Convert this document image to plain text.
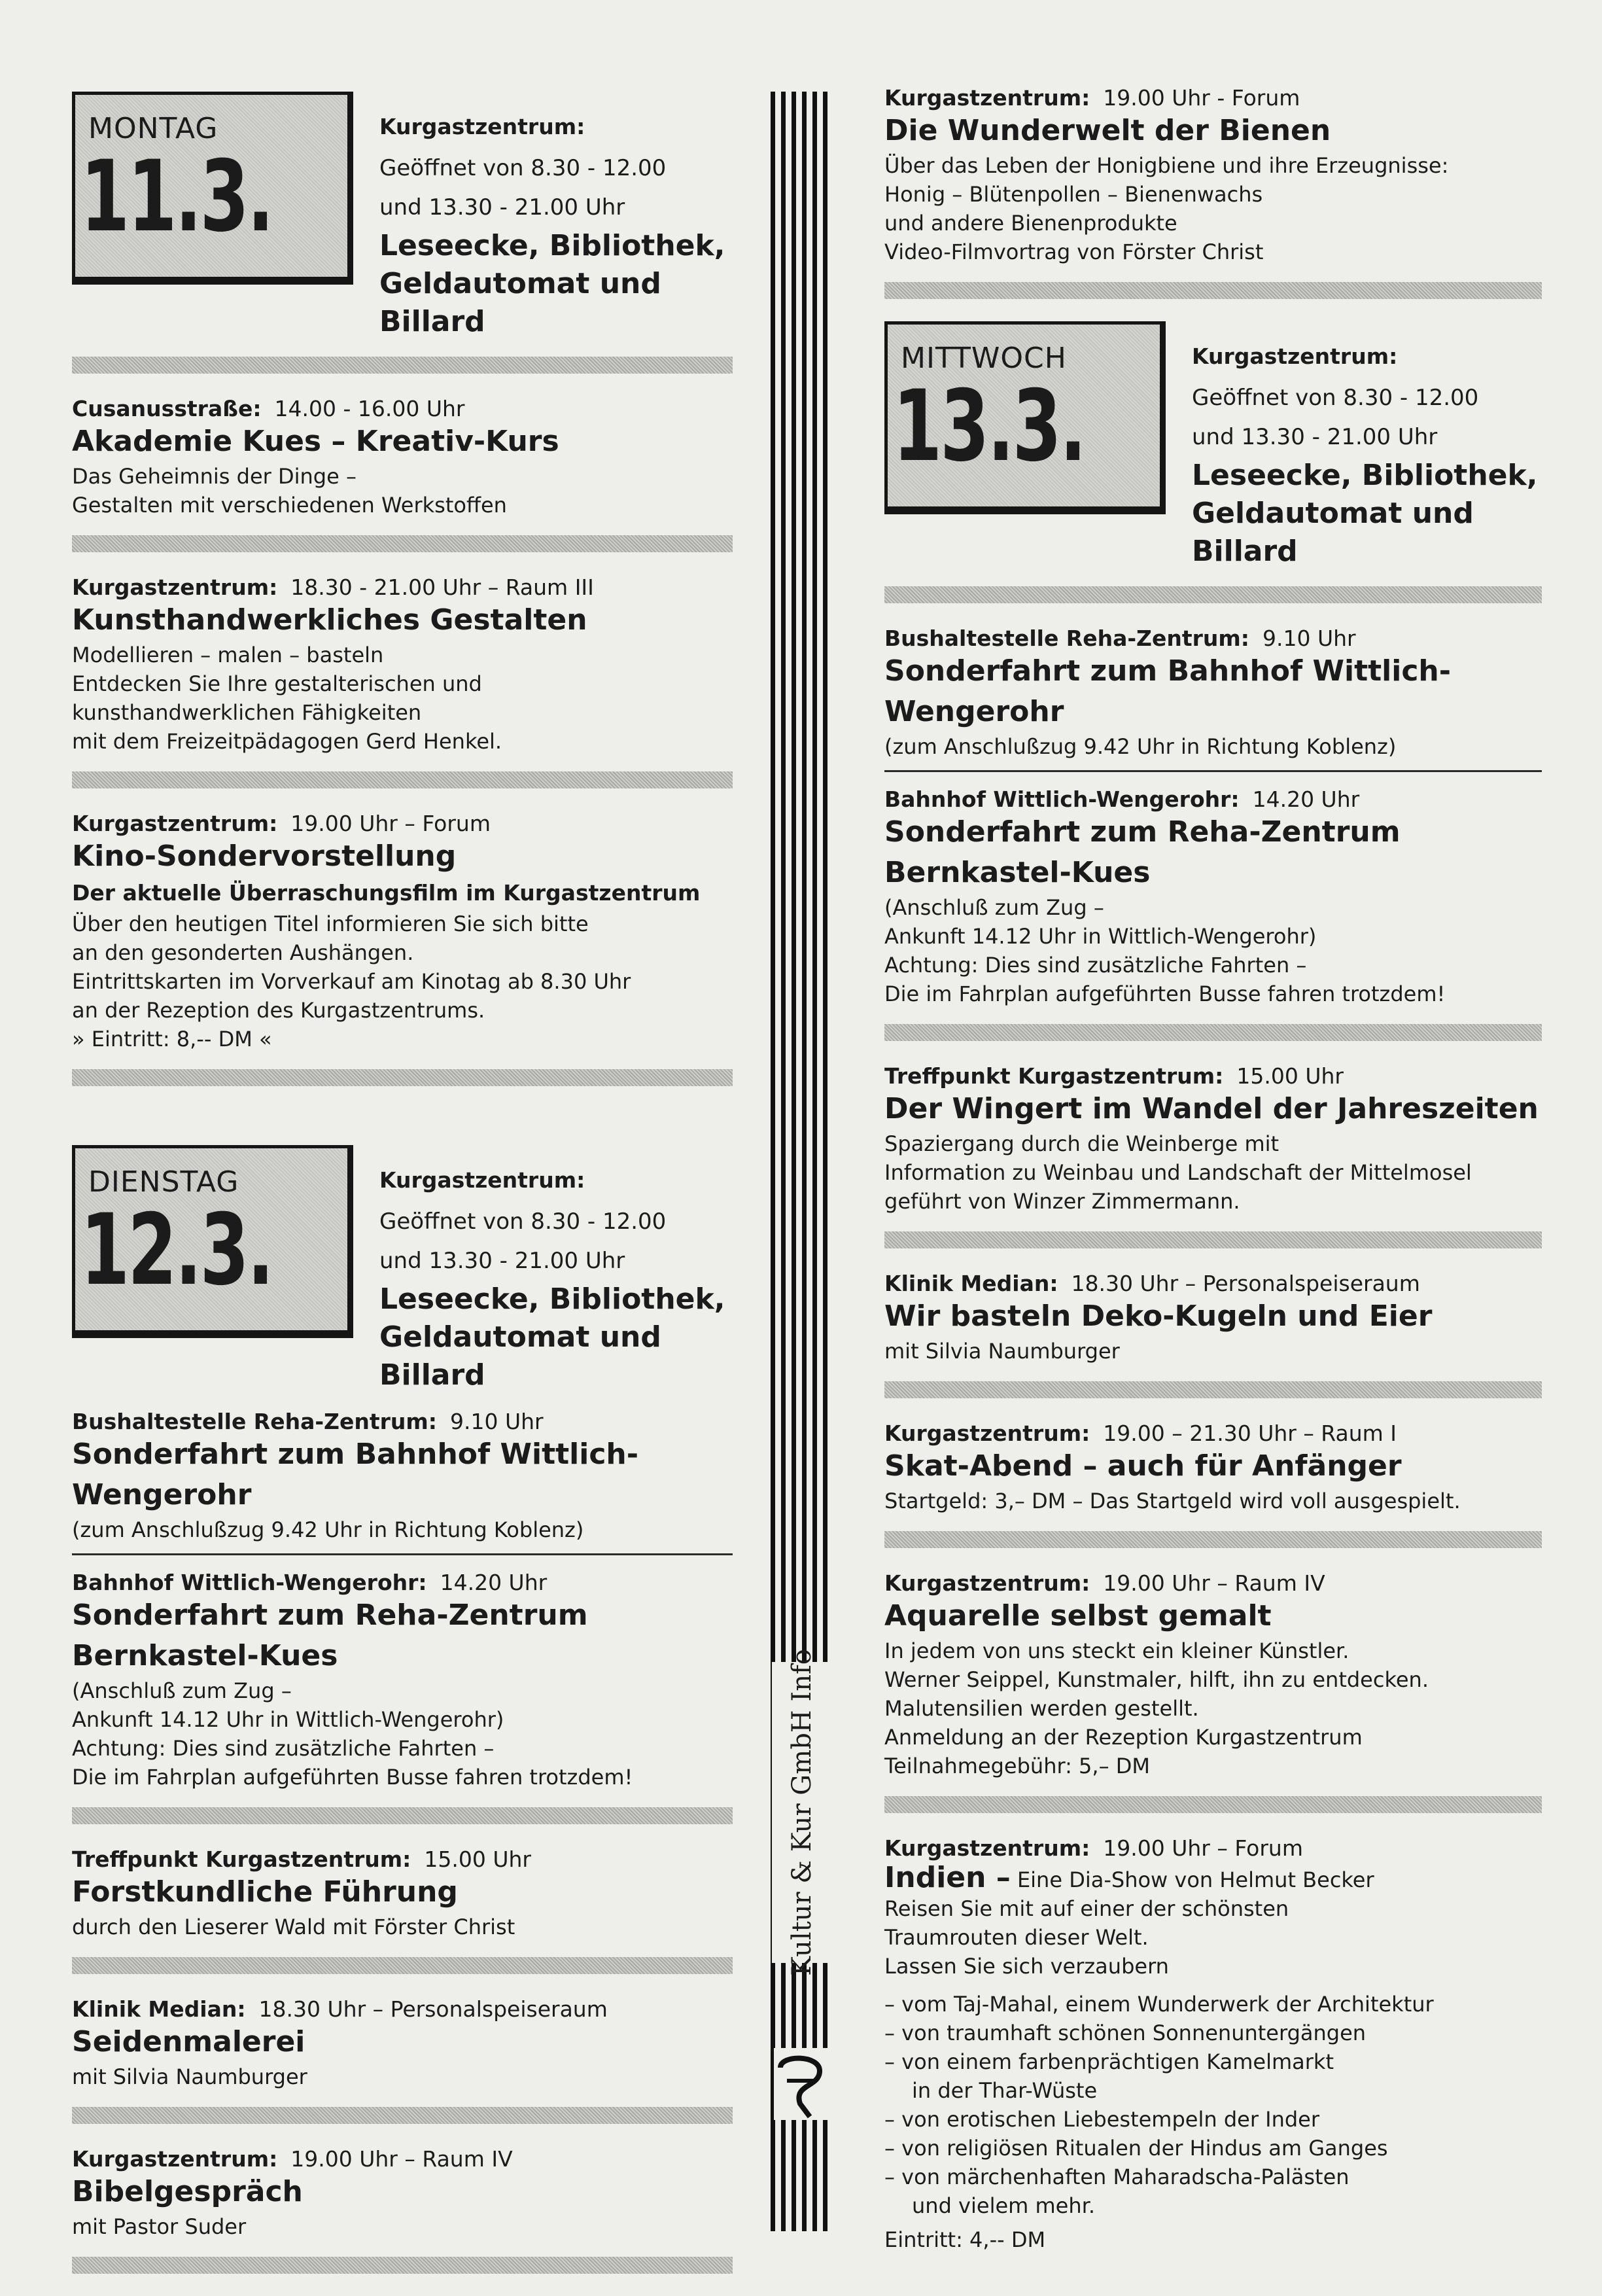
MONTAG
11.3.
Kurgastzentrum:
Geöffnet von 8.30 - 12.00
und 13.30 - 21.00 Uhr
Leseecke, Bibliothek,
Geldautomat und Billard
Cusanusstraße: 14.00 - 16.00 Uhr
Akademie Kues – Kreativ-Kurs
Das Geheimnis der Dinge –
Gestalten mit verschiedenen Werkstoffen
Kurgastzentrum: 18.30 - 21.00 Uhr – Raum III
Kunsthandwerkliches Gestalten
Modellieren – malen – basteln
Entdecken Sie Ihre gestalterischen und
kunsthandwerklichen Fähigkeiten
mit dem Freizeitpädagogen Gerd Henkel.
Kurgastzentrum: 19.00 Uhr – Forum
Kino-Sondervorstellung
Der aktuelle Überraschungsfilm im Kurgastzentrum
Über den heutigen Titel informieren Sie sich bitte
an den gesonderten Aushängen.
Eintrittskarten im Vorverkauf am Kinotag ab 8.30 Uhr
an der Rezeption des Kurgastzentrums.
» Eintritt: 8,-- DM «
DIENSTAG
12.3.
Kurgastzentrum:
Geöffnet von 8.30 - 12.00
und 13.30 - 21.00 Uhr
Leseecke, Bibliothek,
Geldautomat und Billard
Bushaltestelle Reha-Zentrum: 9.10 Uhr
Sonderfahrt zum Bahnhof Wittlich-Wengerohr
(zum Anschlußzug 9.42 Uhr in Richtung Koblenz)
Bahnhof Wittlich-Wengerohr: 14.20 Uhr
Sonderfahrt zum Reha-Zentrum Bernkastel-Kues
(Anschluß zum Zug –
Ankunft 14.12 Uhr in Wittlich-Wengerohr)
Achtung: Dies sind zusätzliche Fahrten –
Die im Fahrplan aufgeführten Busse fahren trotzdem!
Treffpunkt Kurgastzentrum: 15.00 Uhr
Forstkundliche Führung
durch den Lieserer Wald mit Förster Christ
Klinik Median: 18.30 Uhr – Personalspeiseraum
Seidenmalerei
mit Silvia Naumburger
Kurgastzentrum: 19.00 Uhr – Raum IV
Bibelgespräch
mit Pastor Suder
Kultur & Kur GmbH Info
Kurgastzentrum: 19.00 Uhr - Forum
Die Wunderwelt der Bienen
Über das Leben der Honigbiene und ihre Erzeugnisse:
Honig – Blütenpollen – Bienenwachs
und andere Bienenprodukte
Video-Filmvortrag von Förster Christ
MITTWOCH
13.3.
Kurgastzentrum:
Geöffnet von 8.30 - 12.00
und 13.30 - 21.00 Uhr
Leseecke, Bibliothek,
Geldautomat und Billard
Bushaltestelle Reha-Zentrum: 9.10 Uhr
Sonderfahrt zum Bahnhof Wittlich-Wengerohr
(zum Anschlußzug 9.42 Uhr in Richtung Koblenz)
Bahnhof Wittlich-Wengerohr: 14.20 Uhr
Sonderfahrt zum Reha-Zentrum Bernkastel-Kues
(Anschluß zum Zug –
Ankunft 14.12 Uhr in Wittlich-Wengerohr)
Achtung: Dies sind zusätzliche Fahrten –
Die im Fahrplan aufgeführten Busse fahren trotzdem!
Treffpunkt Kurgastzentrum: 15.00 Uhr
Der Wingert im Wandel der Jahreszeiten
Spaziergang durch die Weinberge mit
Information zu Weinbau und Landschaft der Mittelmosel
geführt von Winzer Zimmermann.
Klinik Median: 18.30 Uhr – Personalspeiseraum
Wir basteln Deko-Kugeln und Eier
mit Silvia Naumburger
Kurgastzentrum: 19.00 – 21.30 Uhr – Raum I
Skat-Abend – auch für Anfänger
Startgeld: 3,– DM – Das Startgeld wird voll ausgespielt.
Kurgastzentrum: 19.00 Uhr – Raum IV
Aquarelle selbst gemalt
In jedem von uns steckt ein kleiner Künstler.
Werner Seippel, Kunstmaler, hilft, ihn zu entdecken.
Malutensilien werden gestellt.
Anmeldung an der Rezeption Kurgastzentrum
Teilnahmegebühr: 5,– DM
Kurgastzentrum: 19.00 Uhr – Forum
Indien – Eine Dia-Show von Helmut Becker
Reisen Sie mit auf einer der schönsten
Traumrouten dieser Welt.
Lassen Sie sich verzaubern
– vom Taj-Mahal, einem Wunderwerk der Architektur
– von traumhaft schönen Sonnenuntergängen
– von einem farbenprächtigen Kamelmarkt
in der Thar-Wüste
– von erotischen Liebestempeln der Inder
– von religiösen Ritualen der Hindus am Ganges
– von märchenhaften Maharadscha-Palästen
und vielem mehr.
Eintritt: 4,-- DM
